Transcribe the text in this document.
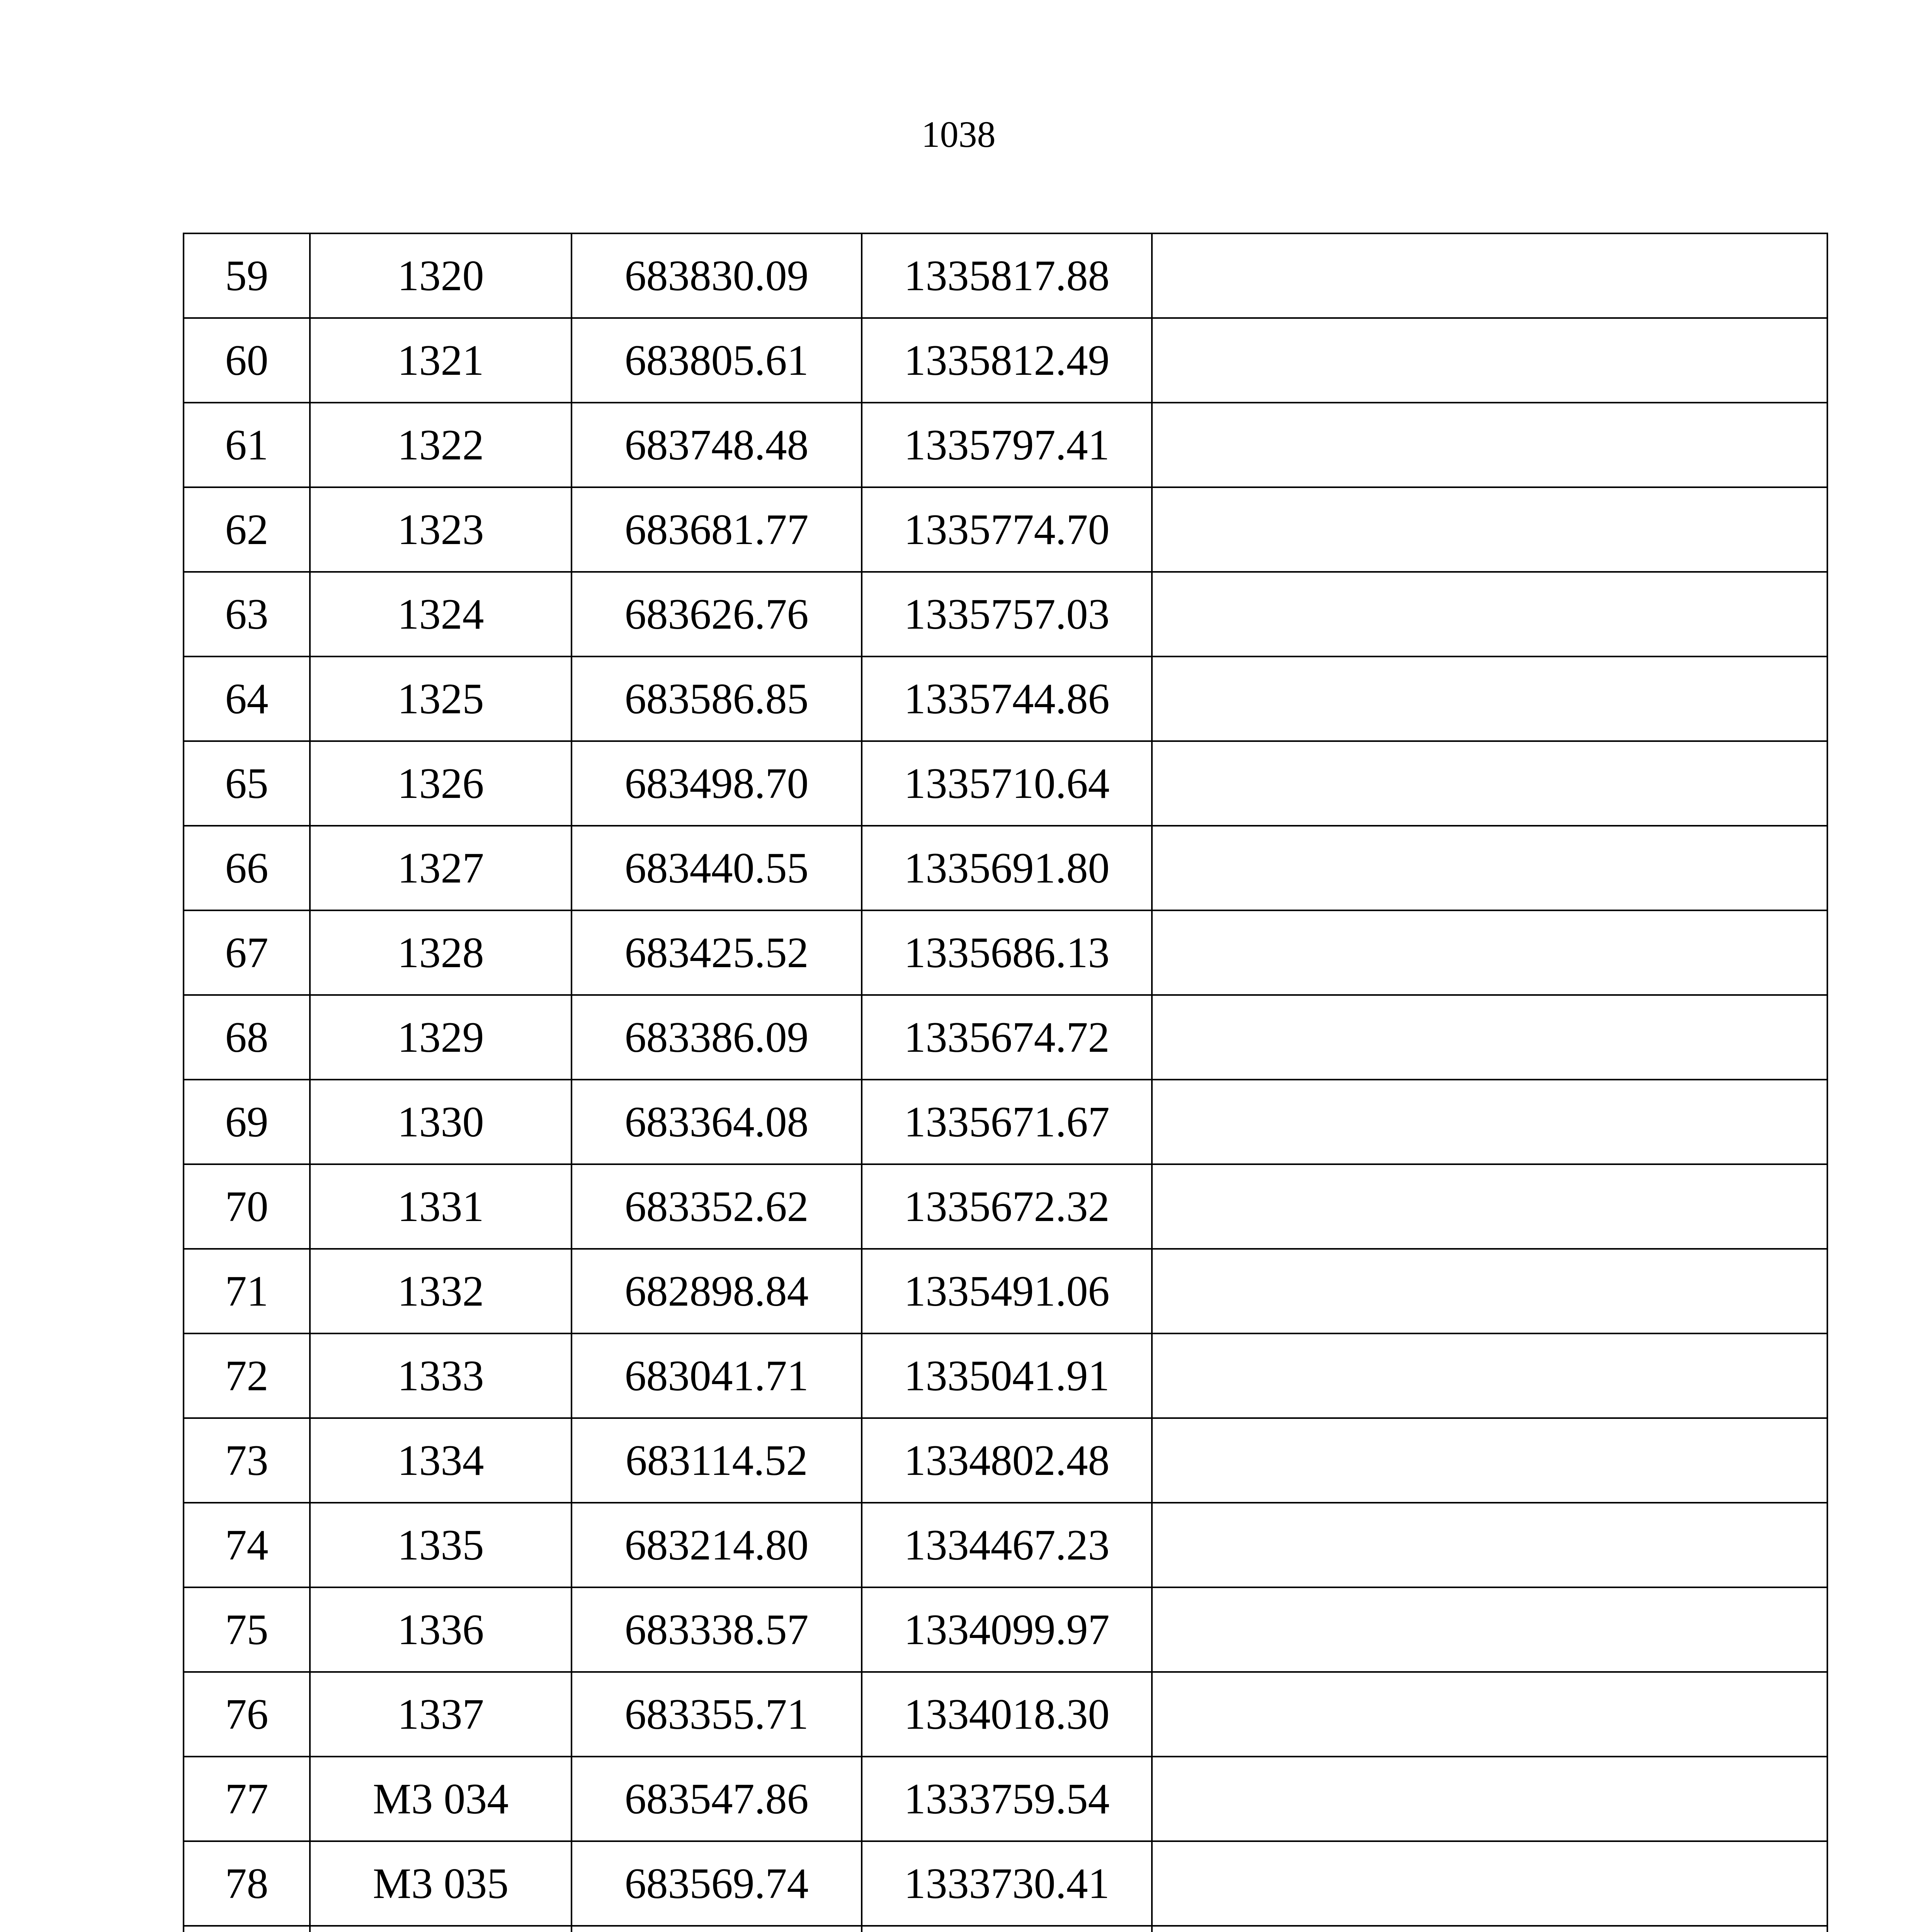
1038
59	1320	683830.09	1335817.88	
60	1321	683805.61	1335812.49	
61	1322	683748.48	1335797.41	
62	1323	683681.77	1335774.70	
63	1324	683626.76	1335757.03	
64	1325	683586.85	1335744.86	
65	1326	683498.70	1335710.64	
66	1327	683440.55	1335691.80	
67	1328	683425.52	1335686.13	
68	1329	683386.09	1335674.72	
69	1330	683364.08	1335671.67	
70	1331	683352.62	1335672.32	
71	1332	682898.84	1335491.06	
72	1333	683041.71	1335041.91	
73	1334	683114.52	1334802.48	
74	1335	683214.80	1334467.23	
75	1336	683338.57	1334099.97	
76	1337	683355.71	1334018.30	
77	М3 034	683547.86	1333759.54	
78	М3 035	683569.74	1333730.41	
